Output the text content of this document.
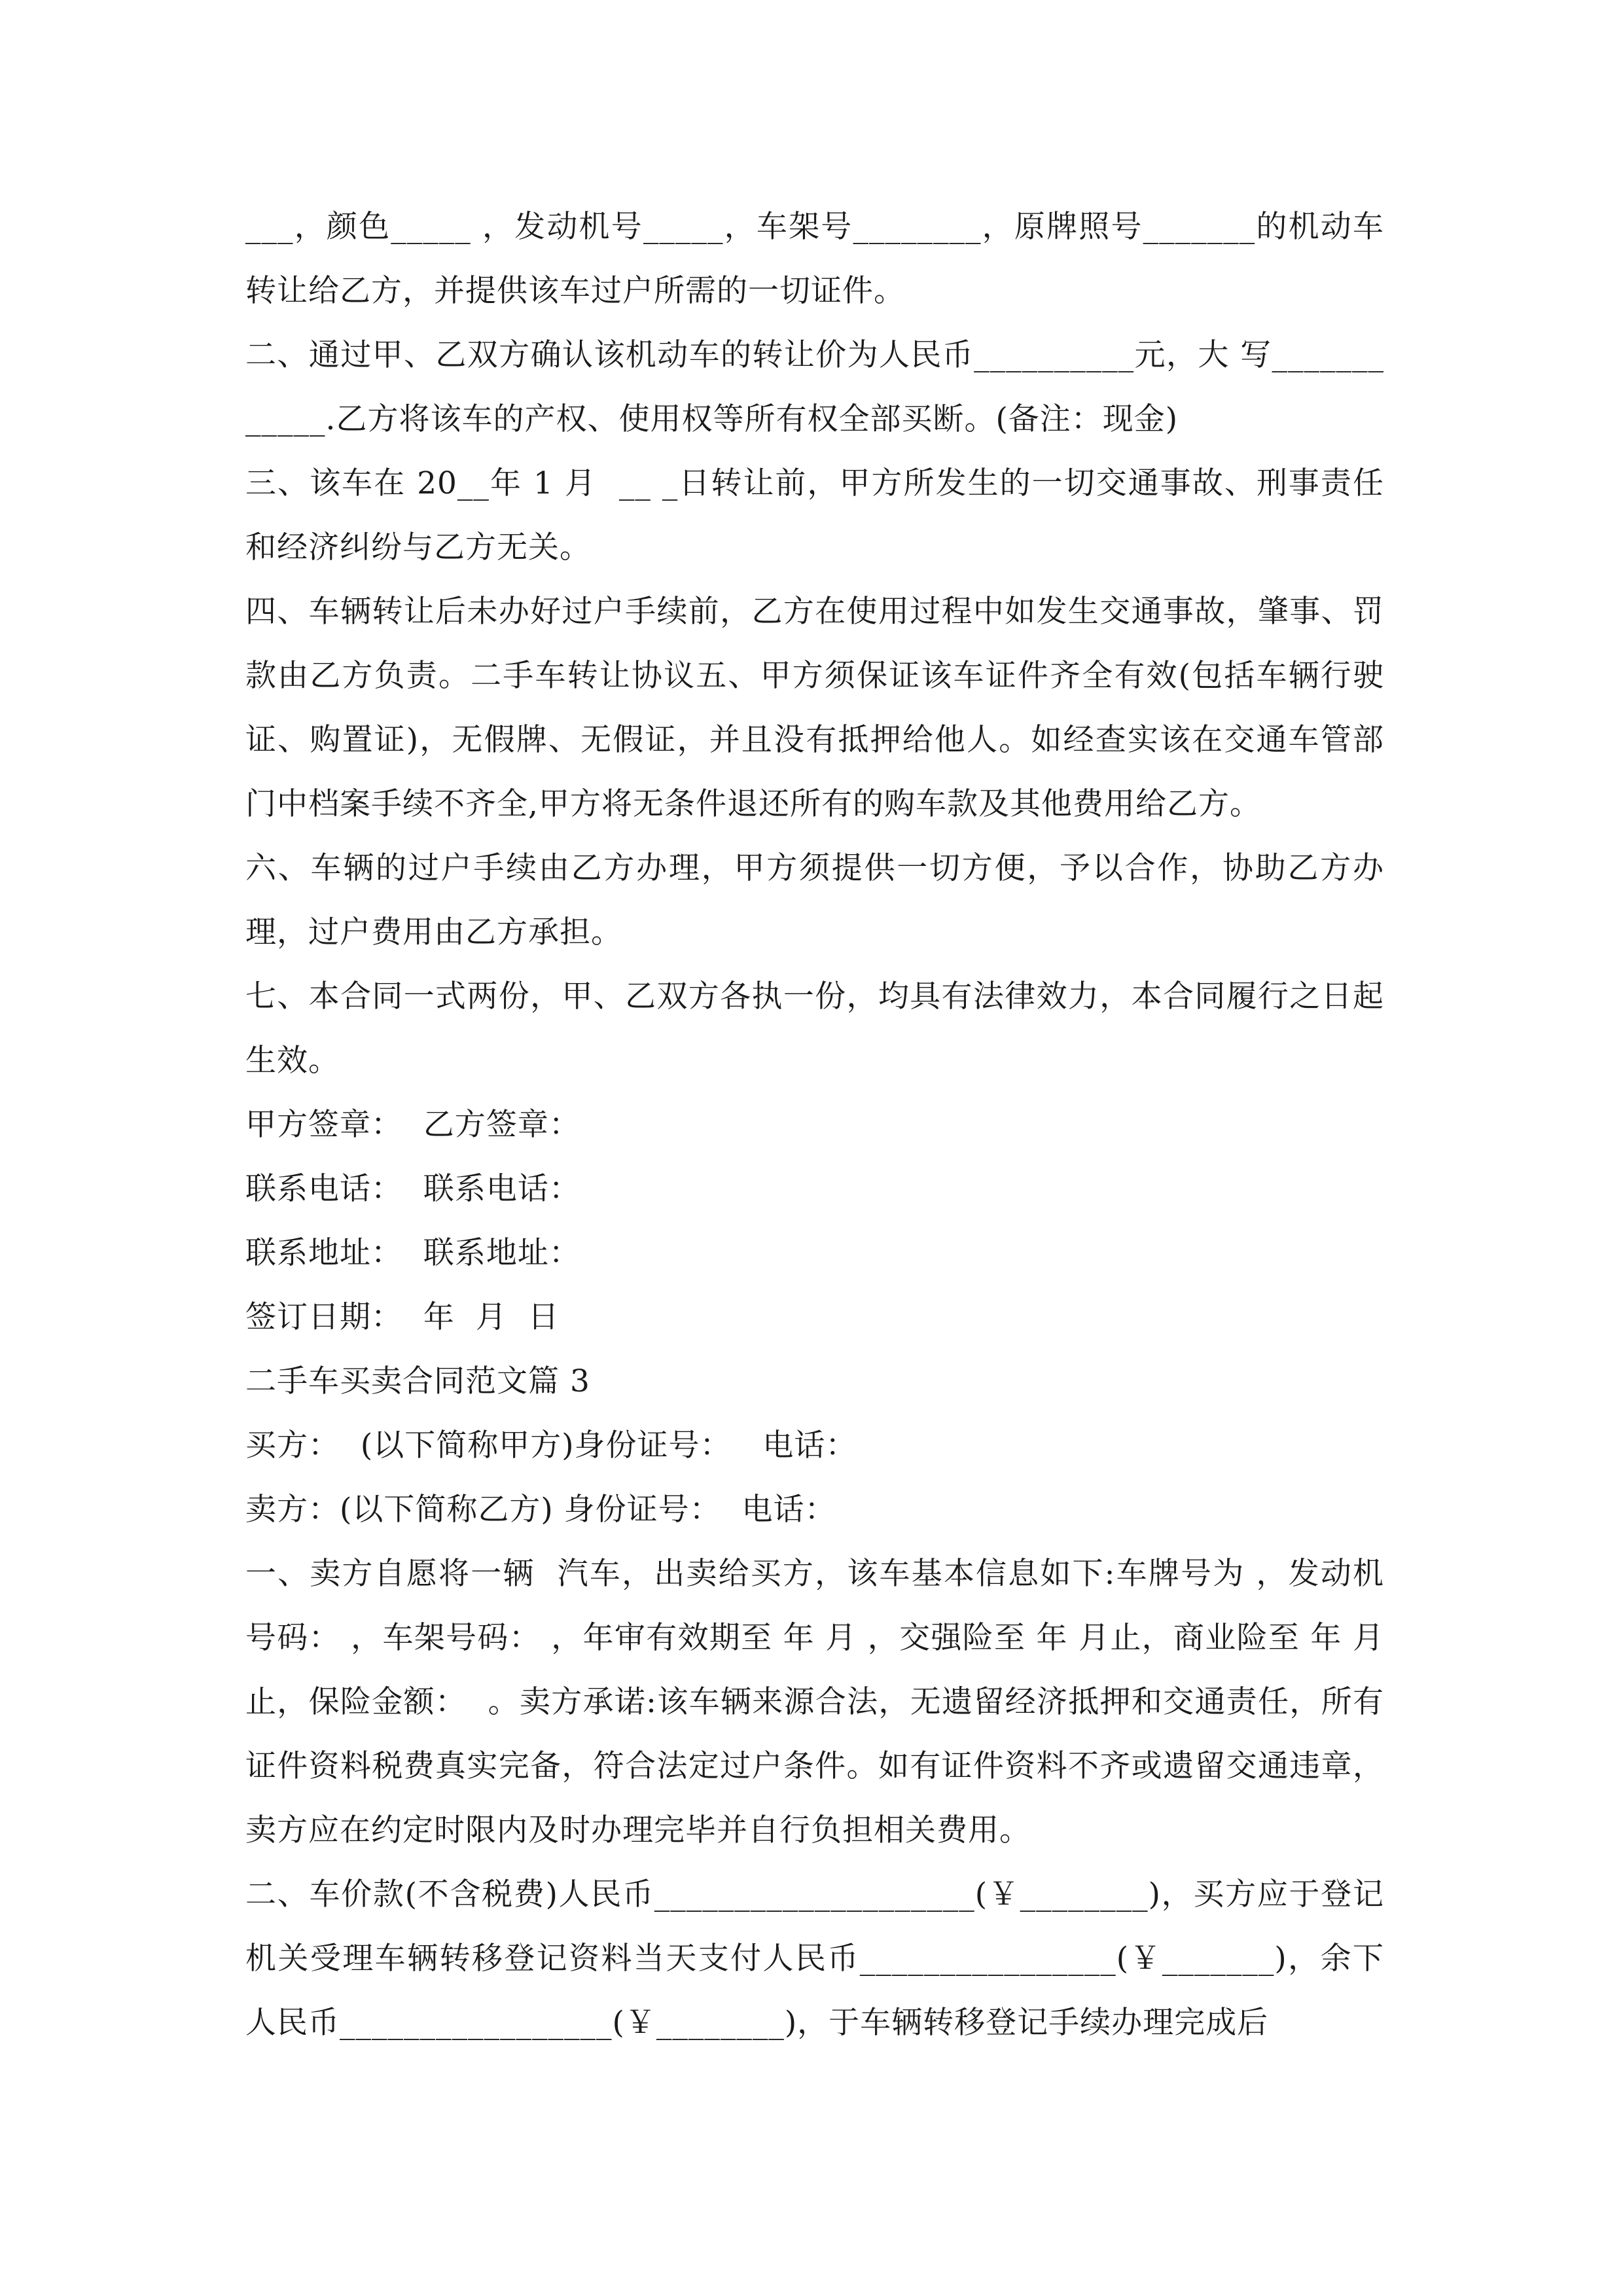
___，颜色_____ ，发动机号_____，车架号________，原牌照号_______的机动车转让给乙方，并提供该车过户所需的一切证件。

二、通过甲、乙双方确认该机动车的转让价为人民币__________元，大 写____________.乙方将该车的产权、使用权等所有权全部买断。(备注：现金)

三、该车在 20__年 1 月  __ _日转让前，甲方所发生的一切交通事故、刑事责任和经济纠纷与乙方无关。

四、车辆转让后未办好过户手续前，乙方在使用过程中如发生交通事故，肇事、罚款由乙方负责。二手车转让协议五、甲方须保证该车证件齐全有效(包括车辆行驶证、购置证)，无假牌、无假证，并且没有抵押给他人。如经查实该在交通车管部门中档案手续不齐全,甲方将无条件退还所有的购车款及其他费用给乙方。

六、车辆的过户手续由乙方办理，甲方须提供一切方便，予以合作，协助乙方办理，过户费用由乙方承担。

七、本合同一式两份，甲、乙双方各执一份，均具有法律效力，本合同履行之日起生效。

甲方签章：  乙方签章：

联系电话：  联系电话：

联系地址：  联系地址：

签订日期：  年  月  日

二手车买卖合同范文篇 3

买方：  (以下简称甲方)身份证号：   电话：

卖方：(以下简称乙方) 身份证号：  电话：

一、卖方自愿将一辆  汽车，出卖给买方，该车基本信息如下:车牌号为 ，发动机号码： ，车架号码： ，年审有效期至 年 月 ，交强险至 年 月止，商业险至 年 月止，保险金额：  。卖方承诺:该车辆来源合法，无遗留经济抵押和交通责任，所有证件资料税费真实完备，符合法定过户条件。如有证件资料不齐或遗留交通违章，卖方应在约定时限内及时办理完毕并自行负担相关费用。

二、车价款(不含税费)人民币____________________(￥________)，买方应于登记机关受理车辆转移登记资料当天支付人民币________________(￥_______)，余下人民币_________________(￥________)，于车辆转移登记手续办理完成后
